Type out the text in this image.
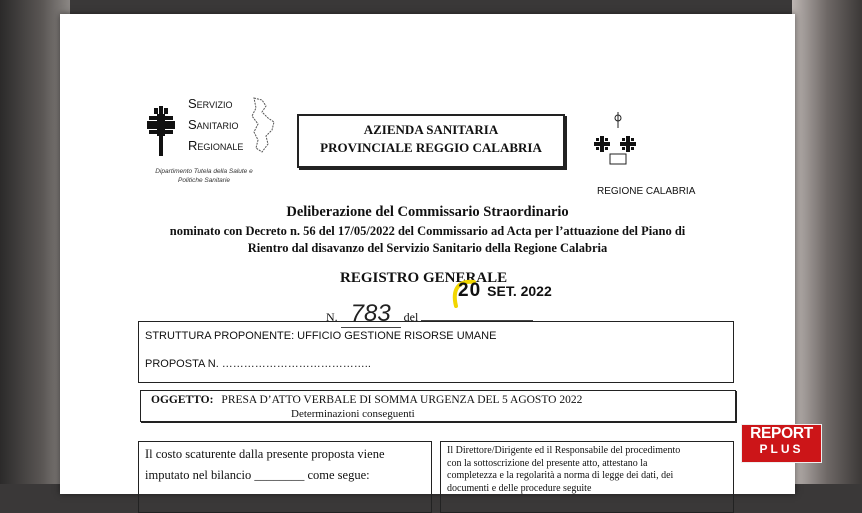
SERVIZIO
SANITARIO
REGIONALE
Dipartimento Tutela della Salute e Politiche Sanitarie
AZIENDA SANITARIA
PROVINCIALE REGGIO CALABRIA
REGIONE CALABRIA
Deliberazione del Commissario Straordinario
nominato con Decreto n. 56 del 17/05/2022 del Commissario ad Acta per l’attuazione del Piano di
Rientro dal disavanzo del Servizio Sanitario della Regione Calabria
REGISTRO GENERALE
N. 783 del
20 SET. 2022
STRUTTURA PROPONENTE: UFFICIO GESTIONE RISORSE UMANE
PROPOSTA N. …………………………………..
OGGETTO: PRESA D’ATTO VERBALE DI SOMMA URGENZA DEL 5 AGOSTO 2022
Determinazioni conseguenti
Il costo scaturente dalla presente proposta viene
imputato nel bilancio ________ come segue:
Il Direttore/Dirigente ed il Responsabile del procedimento
con la sottoscrizione del presente atto, attestano la
completezza e la regolarità a norma di legge dei dati, dei
documenti e delle procedure seguite
REPORT
PLUS
